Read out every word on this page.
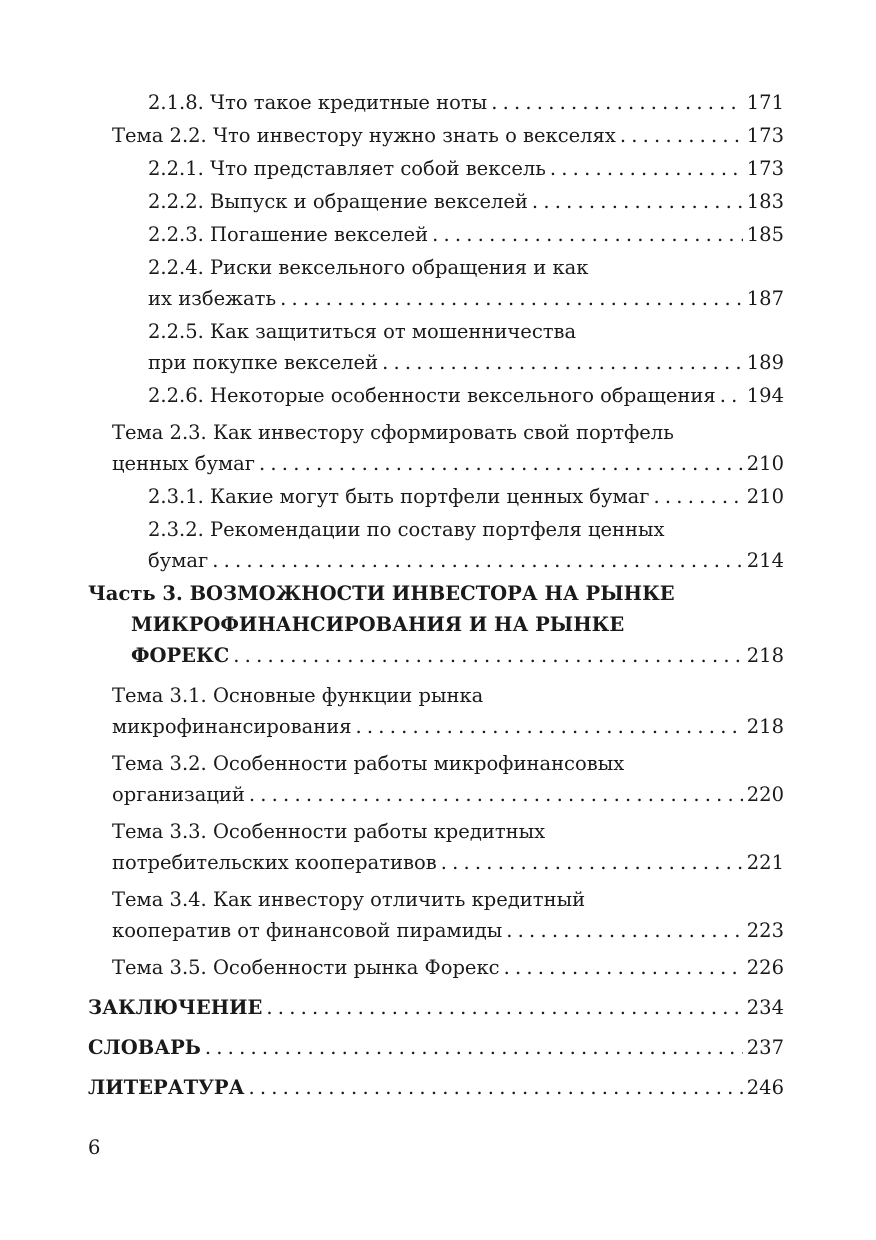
2.1.8. Что такое кредитные ноты . . .	171
Тема 2.2. Что инвестору нужно знать о векселях . . .	173
2.2.1. Что представляет собой вексель . . .	173
2.2.2. Выпуск и обращение векселей . . .	183
2.2.3. Погашение векселей . . .	185
2.2.4. Риски вексельного обращения и как
их избежать . . .	187
2.2.5. Как защититься от мошенничества
при покупке векселей . . .	189
2.2.6. Некоторые особенности вексельного обращения . . . 194
Тема 2.3. Как инвестору сформировать свой портфель
ценных бумаг . . .	210
2.3.1. Какие могут быть портфели ценных бумаг . . .	210
2.3.2. Рекомендации по составу портфеля ценных
бумаг . . .	214
Часть 3. ВОЗМОЖНОСТИ ИНВЕСТОРА НА РЫНКЕ
МИКРОФИНАНСИРОВАНИЯ И НА РЫНКЕ
ФОРЕКС . . .	218
Тема 3.1. Основные функции рынка
микрофинансирования . . .	218
Тема 3.2. Особенности работы микрофинансовых
организаций . . .	220
Тема 3.3. Особенности работы кредитных
потребительских кооперативов . . .	221
Тема 3.4. Как инвестору отличить кредитный
кооператив от финансовой пирамиды . . .	223
Тема 3.5. Особенности рынка Форекс . . .	226
ЗАКЛЮЧЕНИЕ . . .	234
СЛОВАРЬ . . .	237
ЛИТЕРАТУРА . . .	246
6
